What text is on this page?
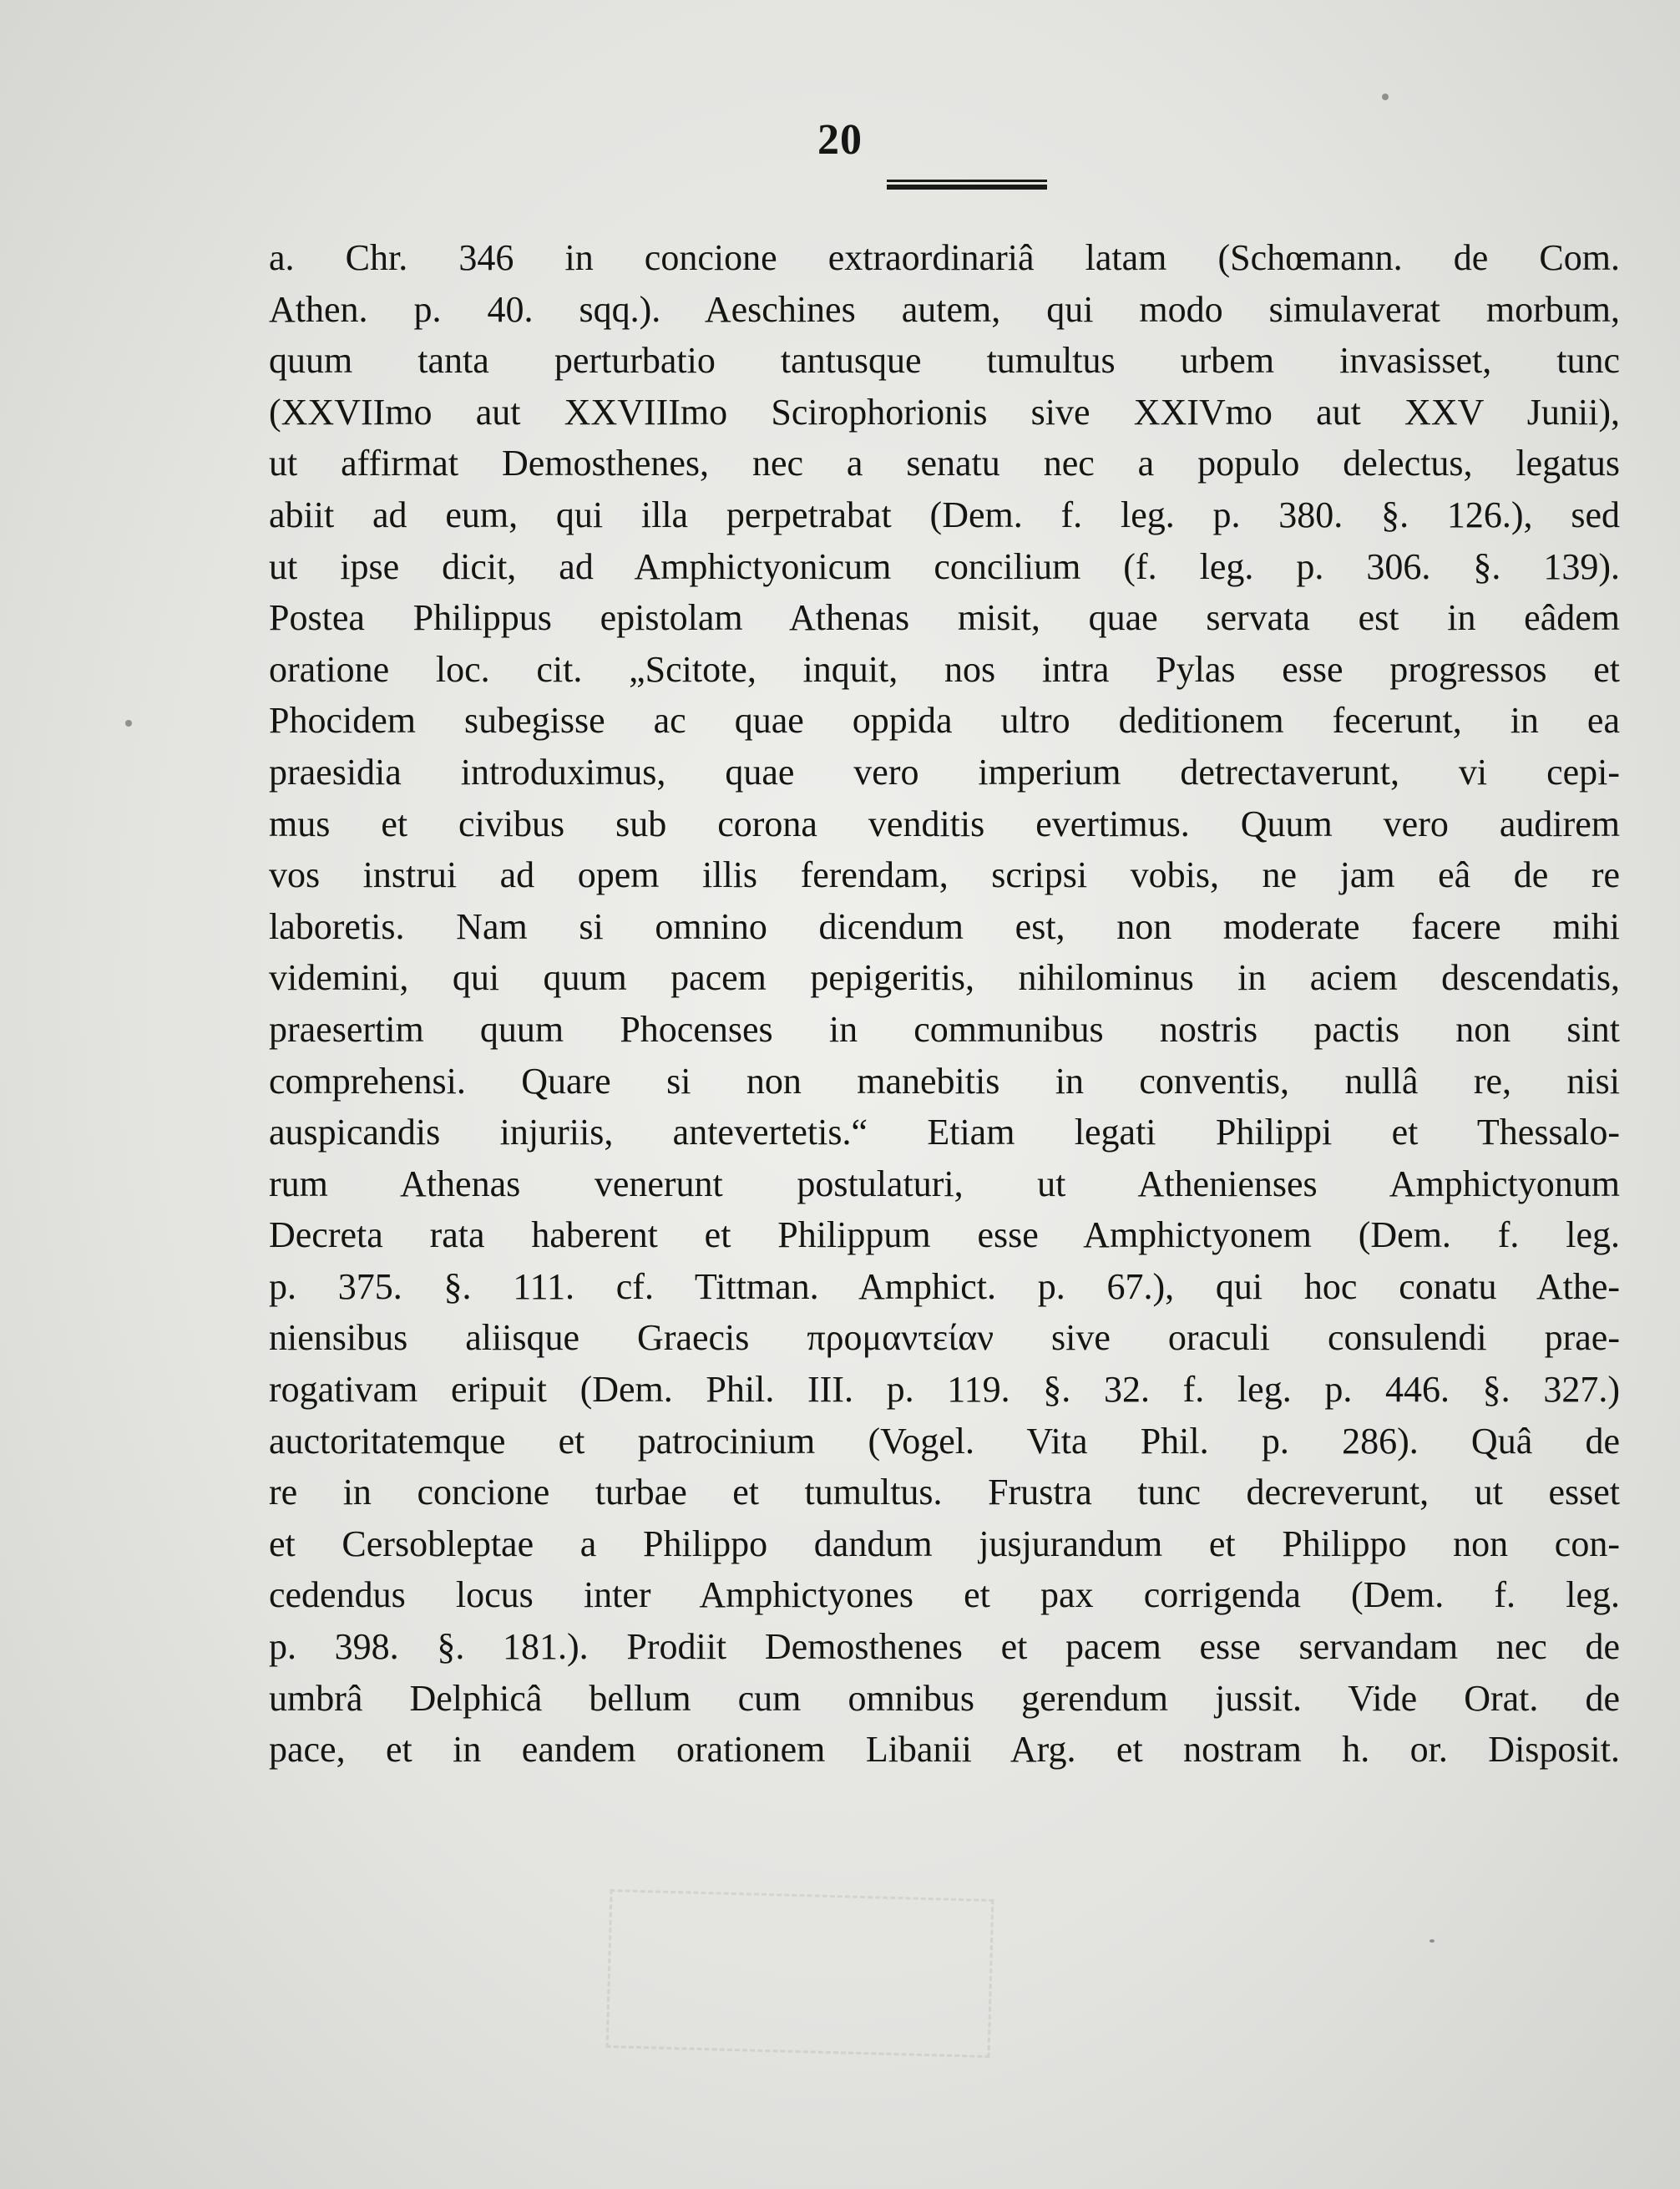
20
a. Chr. 346 in concione extraordinariâ latam (Schœmann. de Com.
Athen. p. 40. sqq.). Aeschines autem, qui modo simulaverat morbum,
quum tanta perturbatio tantusque tumultus urbem invasisset, tunc
(XXVIImo aut XXVIIImo Scirophorionis sive XXIVmo aut XXV Junii),
ut affirmat Demosthenes, nec a senatu nec a populo delectus, legatus
abiit ad eum, qui illa perpetrabat (Dem. f. leg. p. 380. §. 126.), sed
ut ipse dicit, ad Amphictyonicum concilium (f. leg. p. 306. §. 139).
Postea Philippus epistolam Athenas misit, quae servata est in eâdem
oratione loc. cit. „Scitote, inquit, nos intra Pylas esse progressos et
Phocidem subegisse ac quae oppida ultro deditionem fecerunt, in ea
praesidia introduximus, quae vero imperium detrectaverunt, vi cepi-
mus et civibus sub corona venditis evertimus. Quum vero audirem
vos instrui ad opem illis ferendam, scripsi vobis, ne jam eâ de re
laboretis. Nam si omnino dicendum est, non moderate facere mihi
videmini, qui quum pacem pepigeritis, nihilominus in aciem descendatis,
praesertim quum Phocenses in communibus nostris pactis non sint
comprehensi. Quare si non manebitis in conventis, nullâ re, nisi
auspicandis injuriis, antevertetis.“ Etiam legati Philippi et Thessalo-
rum Athenas venerunt postulaturi, ut Athenienses Amphictyonum
Decreta rata haberent et Philippum esse Amphictyonem (Dem. f. leg.
p. 375. §. 111. cf. Tittman. Amphict. p. 67.), qui hoc conatu Athe-
niensibus aliisque Graecis προμαντείαν sive oraculi consulendi prae-
rogativam eripuit (Dem. Phil. III. p. 119. §. 32. f. leg. p. 446. §. 327.)
auctoritatemque et patrocinium (Vogel. Vita Phil. p. 286). Quâ de
re in concione turbae et tumultus. Frustra tunc decreverunt, ut esset
et Cersobleptae a Philippo dandum jusjurandum et Philippo non con-
cedendus locus inter Amphictyones et pax corrigenda (Dem. f. leg.
p. 398. §. 181.). Prodiit Demosthenes et pacem esse servandam nec de
umbrâ Delphicâ bellum cum omnibus gerendum jussit. Vide Orat. de
pace, et in eandem orationem Libanii Arg. et nostram h. or. Disposit.
